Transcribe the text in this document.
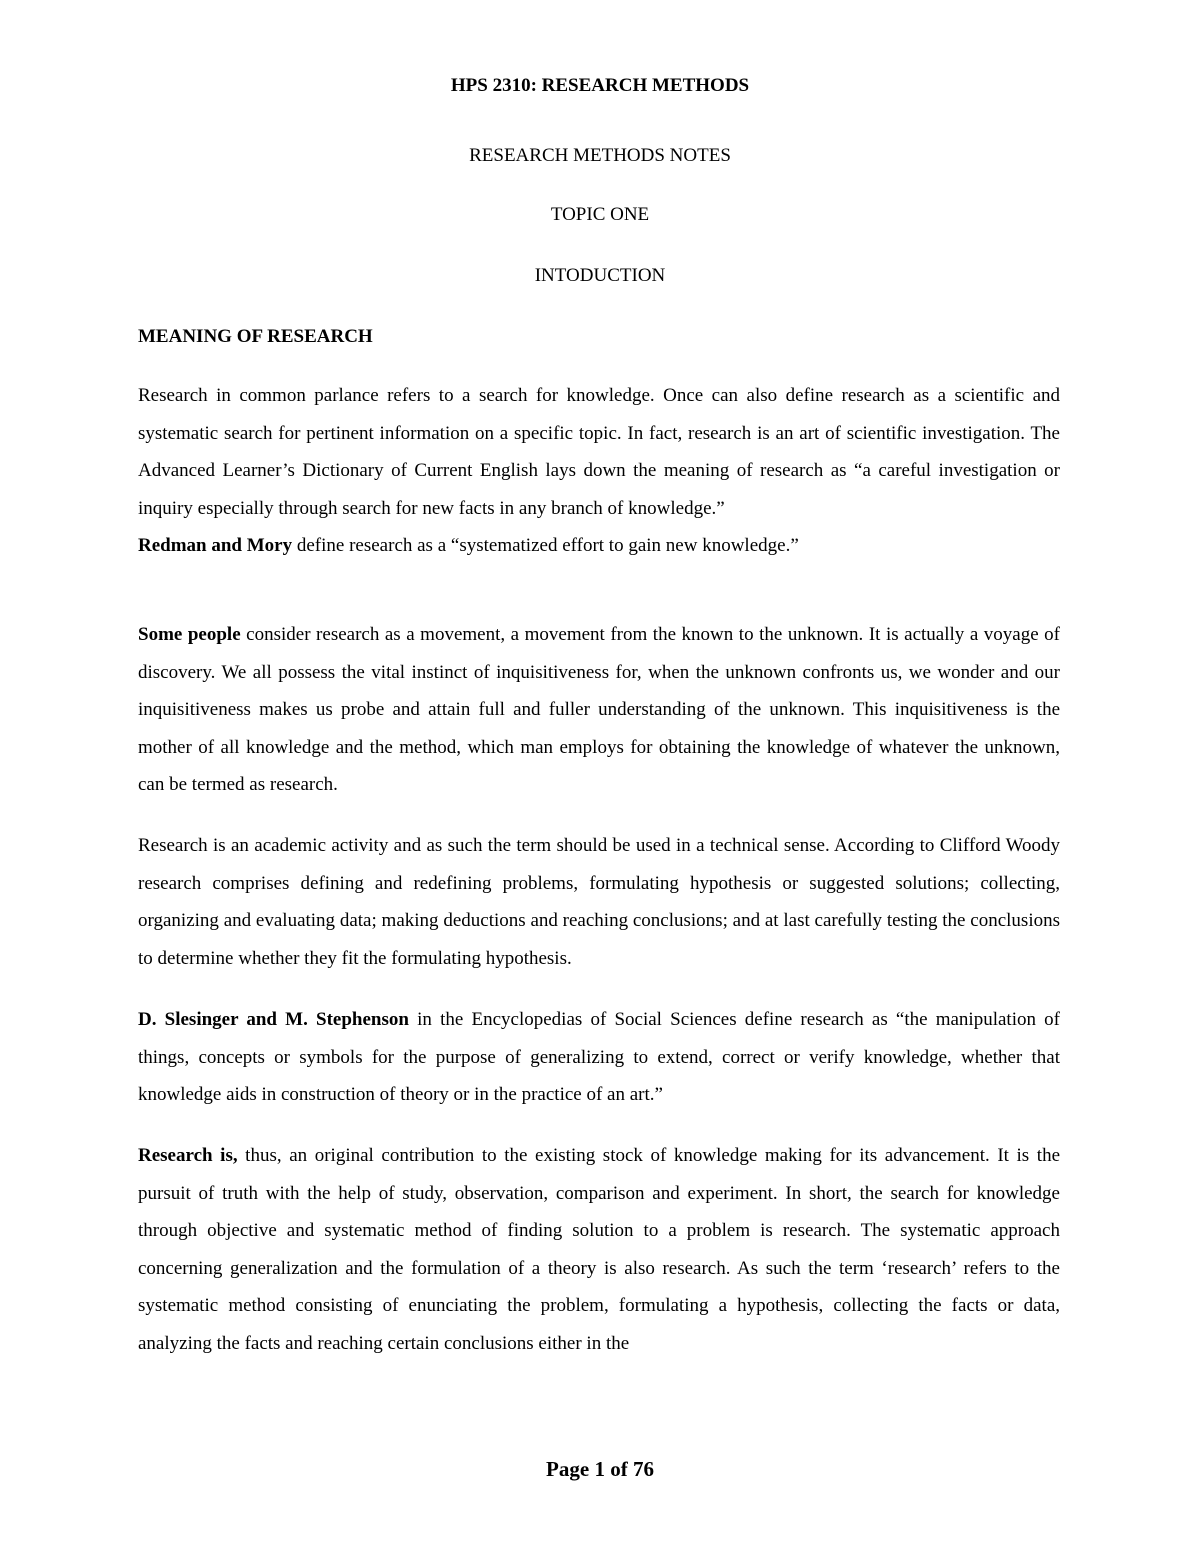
HPS 2310: RESEARCH METHODS

RESEARCH METHODS NOTES

TOPIC ONE

INTODUCTION

MEANING OF RESEARCH

Research in common parlance refers to a search for knowledge. Once can also define research as a scientific and systematic search for pertinent information on a specific topic. In fact, research is an art of scientific investigation. The Advanced Learner’s Dictionary of Current English lays down the meaning of research as “a careful investigation or inquiry especially through search for new facts in any branch of knowledge.”
Redman and Mory define research as a “systematized effort to gain new knowledge.”

Some people consider research as a movement, a movement from the known to the unknown. It is actually a voyage of discovery. We all possess the vital instinct of inquisitiveness for, when the unknown confronts us, we wonder and our inquisitiveness makes us probe and attain full and fuller understanding of the unknown. This inquisitiveness is the mother of all knowledge and the method, which man employs for obtaining the knowledge of whatever the unknown, can be termed as research.

Research is an academic activity and as such the term should be used in a technical sense. According to Clifford Woody research comprises defining and redefining problems, formulating hypothesis or suggested solutions; collecting, organizing and evaluating data; making deductions and reaching conclusions; and at last carefully testing the conclusions to determine whether they fit the formulating hypothesis.

D. Slesinger and M. Stephenson in the Encyclopedias of Social Sciences define research as “the manipulation of things, concepts or symbols for the purpose of generalizing to extend, correct or verify knowledge, whether that knowledge aids in construction of theory or in the practice of an art.”

Research is, thus, an original contribution to the existing stock of knowledge making for its advancement. It is the pursuit of truth with the help of study, observation, comparison and experiment. In short, the search for knowledge through objective and systematic method of finding solution to a problem is research. The systematic approach concerning generalization and the formulation of a theory is also research. As such the term ‘research’ refers to the systematic method consisting of enunciating the problem, formulating a hypothesis, collecting the facts or data, analyzing the facts and reaching certain conclusions either in the

Page 1 of 76
